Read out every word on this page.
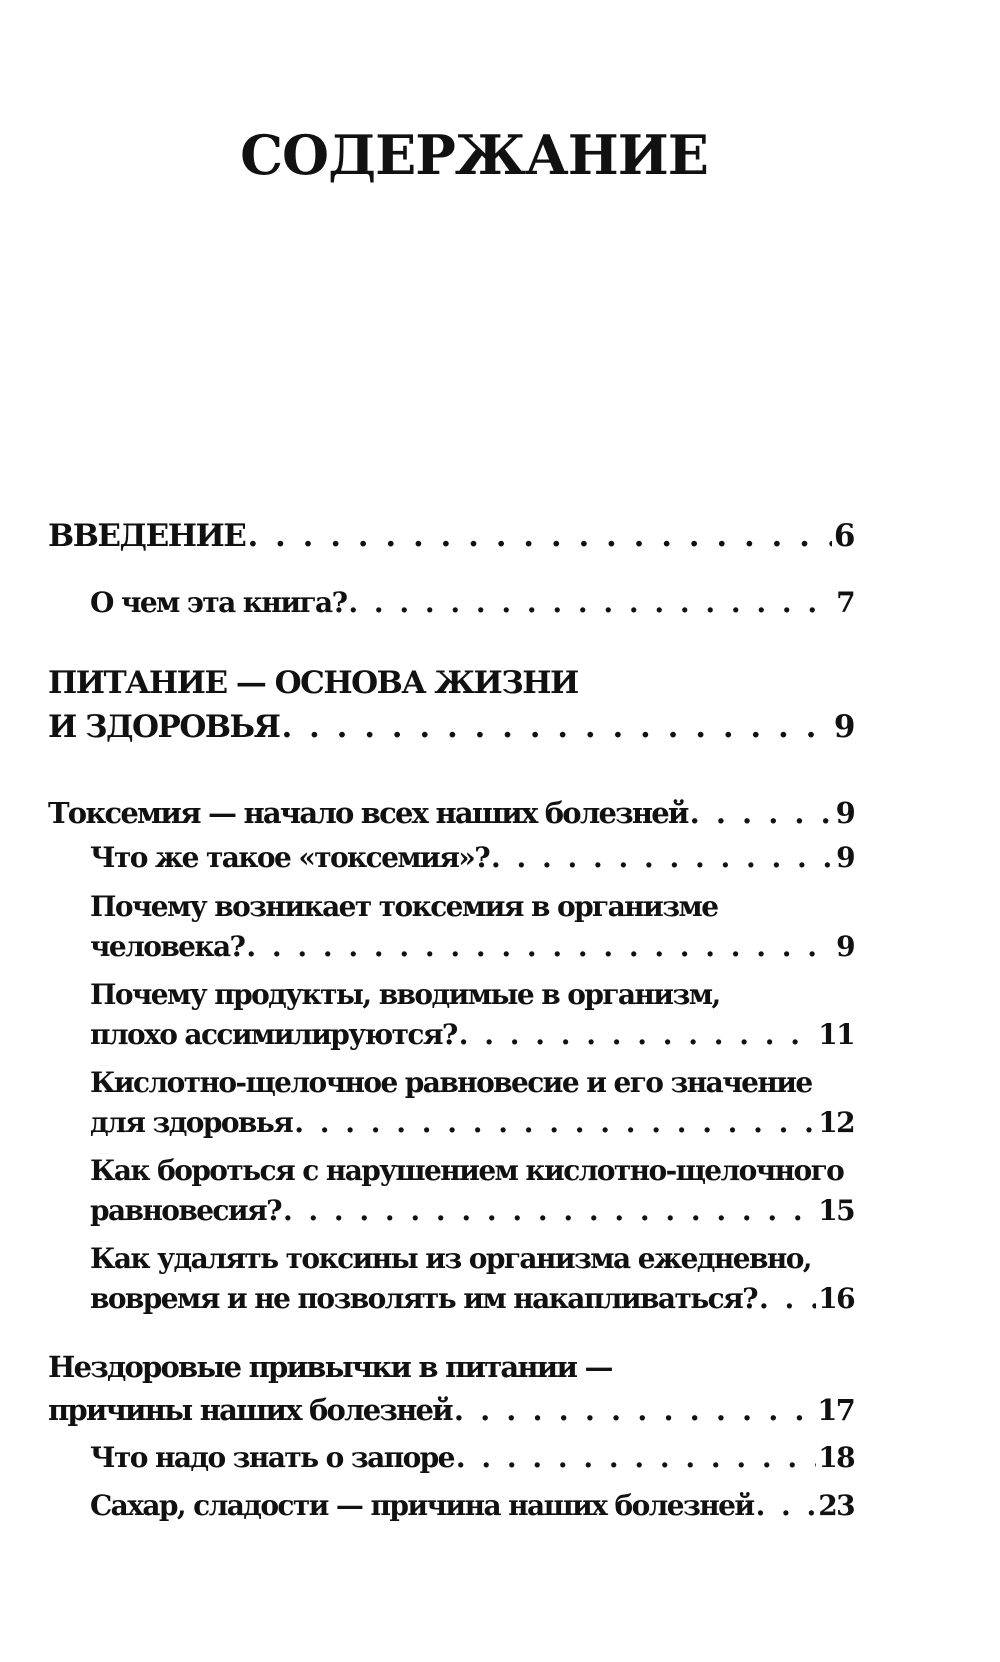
СОДЕРЖАНИЕ
ВВЕДЕНИЕ . . .	6
О чем эта книга? . . .	7
ПИТАНИЕ — ОСНОВА ЖИЗНИ
И ЗДОРОВЬЯ . . .	9
Токсемия — начало всех наших болезней . . .	9
Что же такое «токсемия»? . . .	9
Почему возникает токсемия в организме
человека? . . .	9
Почему продукты, вводимые в организм,
плохо ассимилируются? . . .	11
Кислотно-щелочное равновесие и его значение
для здоровья . . .	12
Как бороться с нарушением кислотно-щелочного
равновесия? . . .	15
Как удалять токсины из организма ежедневно,
вовремя и не позволять им накапливаться? . . . 16
Нездоровые привычки в питании —
причины наших болезней . . .	17
Что надо знать о запоре . . .	18
Сахар, сладости — причина наших болезней . . . 23
